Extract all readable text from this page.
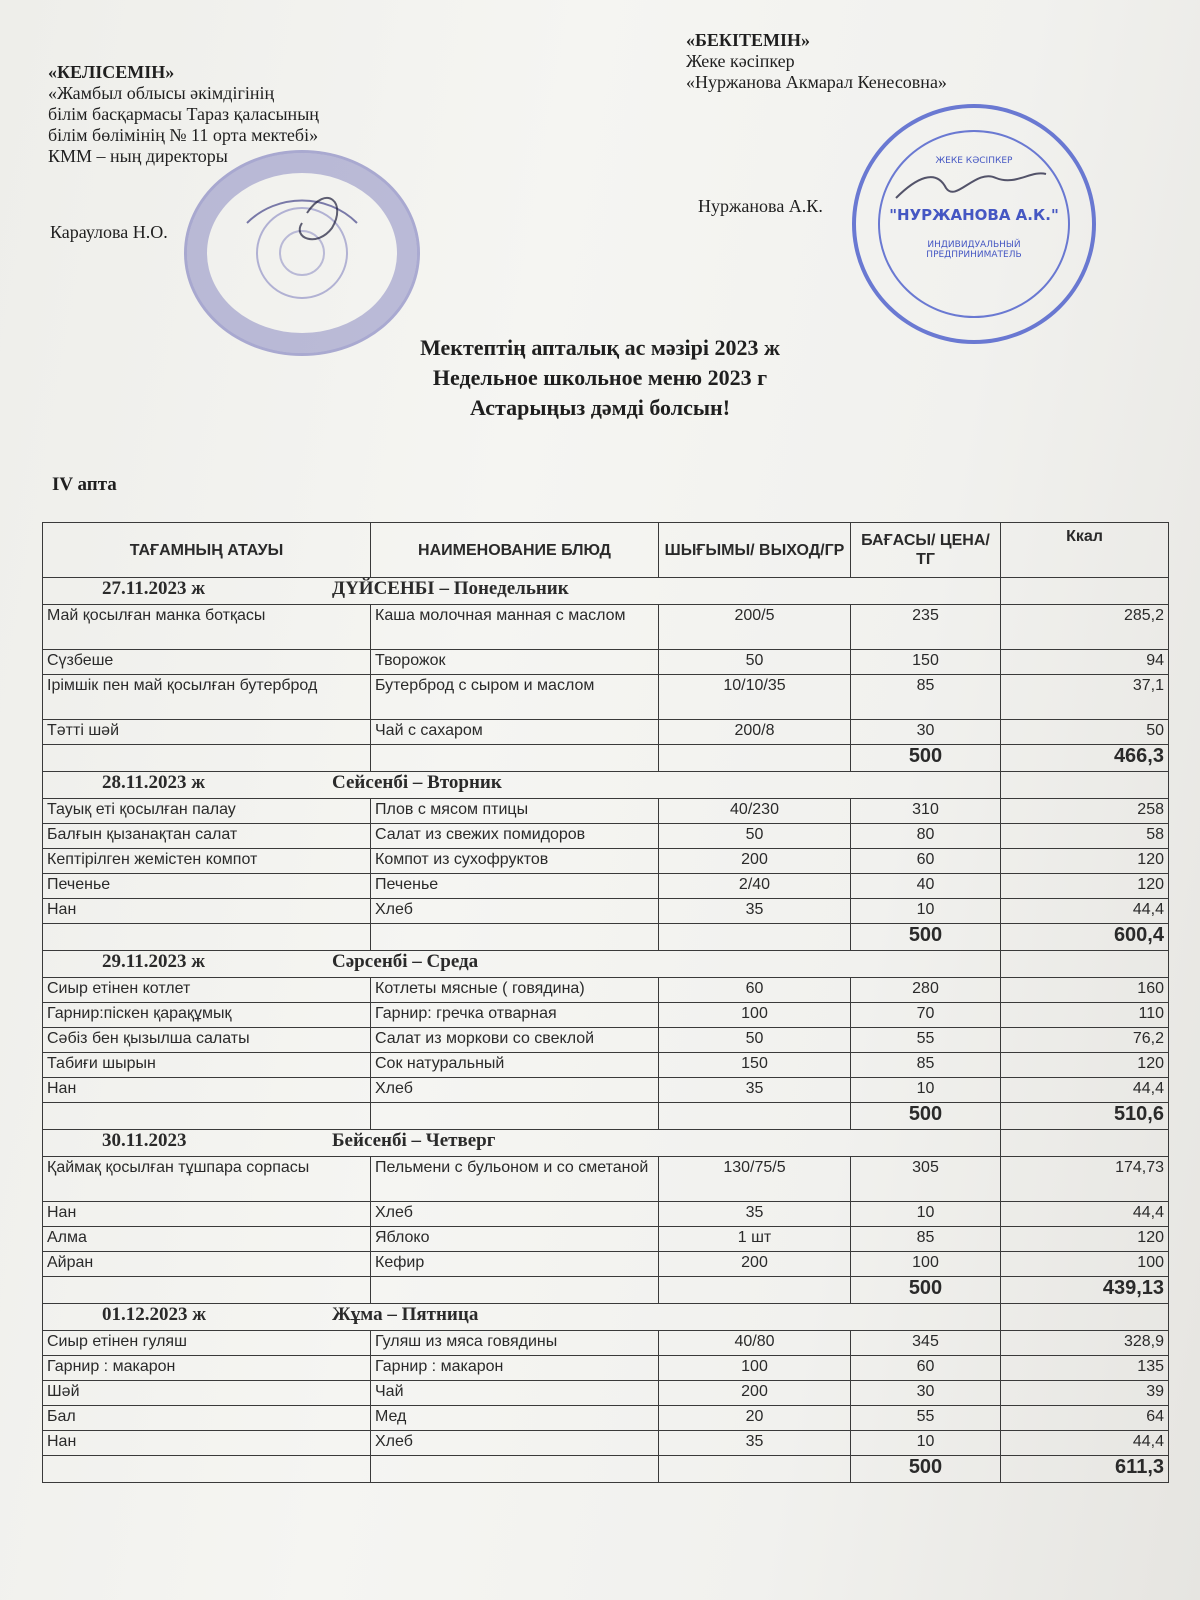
«КЕЛІСЕМІН»
«Жамбыл облысы әкімдігінің
білім басқармасы Тараз қаласының
білім бөлімінің № 11 орта мектебі»
КММ – ның директоры
Караулова Н.О.
«БЕКІТЕМІН»
Жеке кәсіпкер
«Нуржанова Акмарал Кенесовна»
Нуржанова А.К.
ЖЕКЕ КӘСІПКЕР
"НУРЖАНОВА А.К."
ИНДИВИДУАЛЬНЫЙ ПРЕДПРИНИМАТЕЛЬ
Мектептің апталық ас мәзірі 2023 ж
Недельное школьное меню 2023 г
Астарыңыз дәмді болсын!
IV апта
ТАҒАМНЫҢ АТАУЫ	НАИМЕНОВАНИЕ БЛЮД	ШЫҒЫМЫ/ ВЫХОД/ГР	БАҒАСЫ/ ЦЕНА/ТГ	Ккал
27.11.2023 ж ДҮЙСЕНБІ – Понедельник				
Май қосылған манка ботқасы	Каша молочная манная с маслом	200/5	235	285,2
Сүзбеше	Творожок	50	150	94
Ірімшік пен май қосылған бутерброд	Бутерброд с сыром и маслом	10/10/35	85	37,1
Тәтті шәй	Чай с сахаром	200/8	30	50
			500	466,3
28.11.2023 ж Сейсенбі – Вторник				
Тауық еті қосылған палау	Плов с мясом птицы	40/230	310	258
Балғын қызанақтан салат	Салат из свежих помидоров	50	80	58
Кептірілген жемістен компот	Компот из сухофруктов	200	60	120
Печенье	Печенье	2/40	40	120
Нан	Хлеб	35	10	44,4
			500	600,4
29.11.2023 ж Сәрсенбі – Среда				
Сиыр етінен котлет	Котлеты мясные ( говядина)	60	280	160
Гарнир:піскен қарақұмық	Гарнир: гречка отварная	100	70	110
Сәбіз бен қызылша салаты	Салат из моркови со свеклой	50	55	76,2
Табиғи шырын	Сок натуральный	150	85	120
Нан	Хлеб	35	10	44,4
			500	510,6
30.11.2023 Бейсенбі – Четверг				
Қаймақ қосылған тұшпара сорпасы	Пельмени с бульоном и со сметаной	130/75/5	305	174,73
Нан	Хлеб	35	10	44,4
Алма	Яблоко	1 шт	85	120
Айран	Кефир	200	100	100
			500	439,13
01.12.2023 ж Жұма – Пятница				
Сиыр етінен гуляш	Гуляш из мяса говядины	40/80	345	328,9
Гарнир : макарон	Гарнир : макарон	100	60	135
Шәй	Чай	200	30	39
Бал	Мед	20	55	64
Нан	Хлеб	35	10	44,4
			500	611,3
